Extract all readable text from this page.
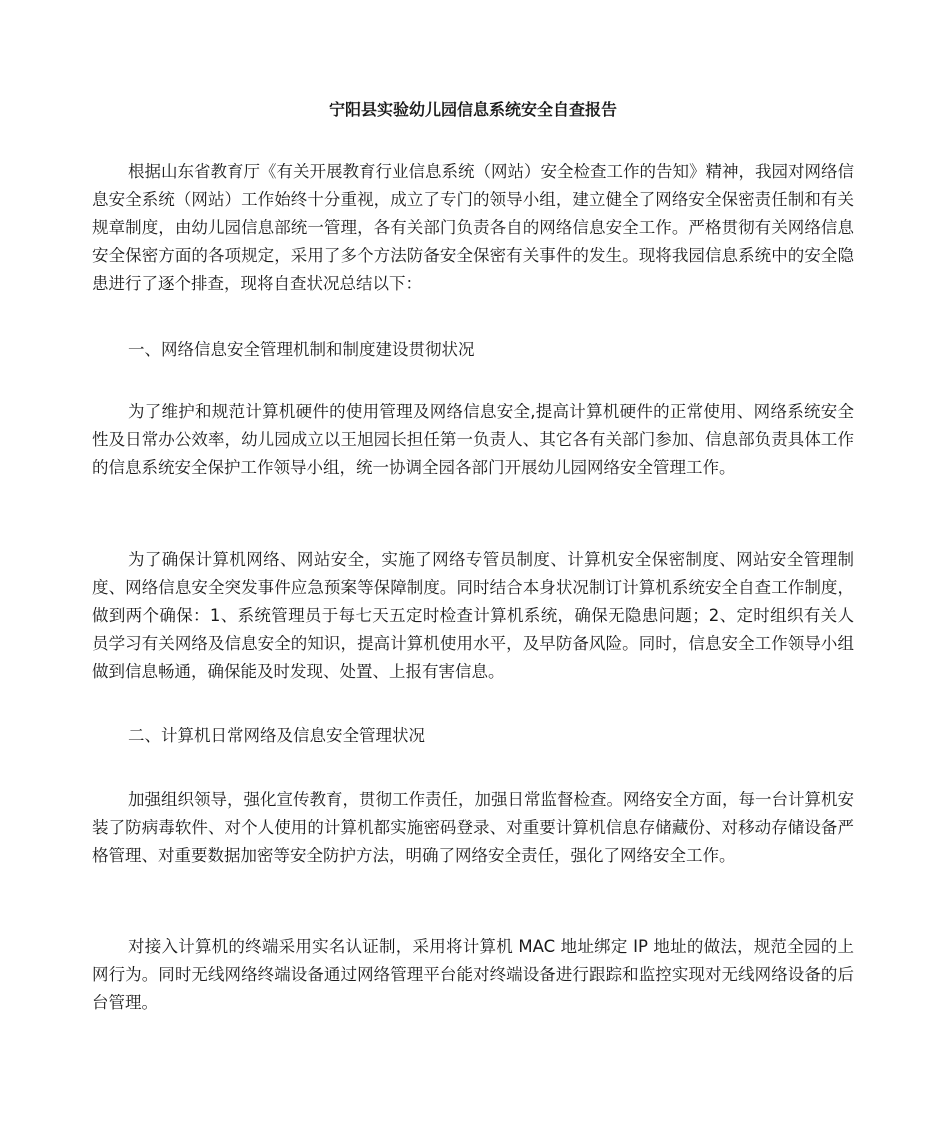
宁阳县实验幼儿园信息系统安全自查报告

根据山东省教育厅《有关开展教育行业信息系统（网站）安全检查工作的告知》精神，我园对网络信息安全系统（网站）工作始终十分重视，成立了专门的领导小组，建立健全了网络安全保密责任制和有关规章制度，由幼儿园信息部统一管理，各有关部门负责各自的网络信息安全工作。严格贯彻有关网络信息安全保密方面的各项规定，采用了多个方法防备安全保密有关事件的发生。现将我园信息系统中的安全隐患进行了逐个排查，现将自查状况总结以下：

一、网络信息安全管理机制和制度建设贯彻状况

为了维护和规范计算机硬件的使用管理及网络信息安全,提高计算机硬件的正常使用、网络系统安全性及日常办公效率，幼儿园成立以王旭园长担任第一负责人、其它各有关部门参加、信息部负责具体工作的信息系统安全保护工作领导小组，统一协调全园各部门开展幼儿园网络安全管理工作。

为了确保计算机网络、网站安全，实施了网络专管员制度、计算机安全保密制度、网站安全管理制度、网络信息安全突发事件应急预案等保障制度。同时结合本身状况制订计算机系统安全自查工作制度，做到两个确保：1、系统管理员于每七天五定时检查计算机系统，确保无隐患问题；2、定时组织有关人员学习有关网络及信息安全的知识，提高计算机使用水平，及早防备风险。同时，信息安全工作领导小组做到信息畅通，确保能及时发现、处置、上报有害信息。

二、计算机日常网络及信息安全管理状况

加强组织领导，强化宣传教育，贯彻工作责任，加强日常监督检查。网络安全方面，每一台计算机安装了防病毒软件、对个人使用的计算机都实施密码登录、对重要计算机信息存储藏份、对移动存储设备严格管理、对重要数据加密等安全防护方法，明确了网络安全责任，强化了网络安全工作。

对接入计算机的终端采用实名认证制，采用将计算机 MAC 地址绑定 IP 地址的做法，规范全园的上网行为。同时无线网络终端设备通过网络管理平台能对终端设备进行跟踪和监控实现对无线网络设备的后台管理。
